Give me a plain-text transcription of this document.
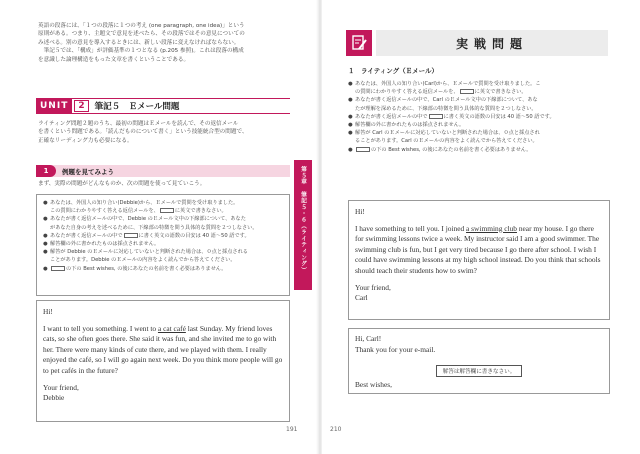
英語の段落には、「１つの段落に１つの考え (one paragraph, one idea)」という
原則がある。つまり、主題文で意見を述べたら、その段落ではその意見についての
み述べる。別の意見を導入するときには、新しい段落に変えなければならない。
　筆記５では、「構成」が評価基準の１つとなる (p.205 参照)。これは段落の構成
を意識した論理構造をもった文章を書くということである。
UNIT	2	筆記５　Ｅメール問題
ライティング問題２題のうち、最初の問題はＥメールを読んで、その返信メール
を書くという問題である。「読んだものについて書く」という技能統合型の問題で、
正確なリーディング力も必要になる。
1	例題を見てみよう
まず、実際の問題がどんなものか、次の問題を使って見ていこう。
● あなたは、外国人の知り合い(Debbie)から、Ｅメールで質問を受け取りました。
この質問にわかりやすく答える返信メールを、	に英文で書きなさい。
● あなたが書く返信メールの中で、Debbie のＥメール文中の下線部について、あなた
があなた自身の考えを述べるために、下線部の特徴を問う具体的な質問を２つしなさい。
● あなたが書く返信メールの中で	に書く英文の語数の目安は 40 語〜50 語です。
● 解答欄の外に書かれたものは採点されません。
● 解答が Debbie のＥメールに対応していないと判断された場合は、０点と採点される
ことがあります。Debbie のＥメールの内容をよく読んでから答えてください。
●	の下の Best wishes, の後にあなたの名前を書く必要はありません。
Hi!
I want to tell you something. I went to a cat café last Sunday. My friend loves cats, so she often goes there. She said it was fun, and she invited me to go with her. There were many kinds of cute there, and we played with them. I really enjoyed the café, so I will go again next week. Do you think more people will go to pet cafés in the future?
Your friend,
Debbie
第５章　筆記５・６（ライティング）
191
実戦問題
１　ライティング（Ｅメール）
● あなたは、外国人の知り合い(Carl)から、Ｅメールで質問を受け取りました。こ
の質問にわかりやすく答える返信メールを、	に英文で書きなさい。
● あなたが書く返信メールの中で、Carl のＥメール文中の下線部について、あな
たが理解を深めるために、下線部の特徴を問う具体的な質問を２つしなさい。
● あなたが書く返信メールの中で	に書く英文の語数の目安は 40 語〜50 語です。
● 解答欄の外に書かれたものは採点されません。
● 解答が Carl のＥメールに対応していないと判断された場合は、０点と採点され
ることがあります。Carl のＥメールの内容をよく読んでから答えてください。
●	の下の Best wishes, の後にあなたの名前を書く必要はありません。
Hi!
I have something to tell you. I joined a swimming club near my house. I go there for swimming lessons twice a week. My instructor said I am a good swimmer. The swimming club is fun, but I get very tired because I go there after school. I wish I could have swimming lessons at my high school instead. Do you think that schools should teach their students how to swim?
Your friend,
Carl
Hi, Carl!
Thank you for your e-mail.
解答は解答欄に書きなさい。
Best wishes,
210
